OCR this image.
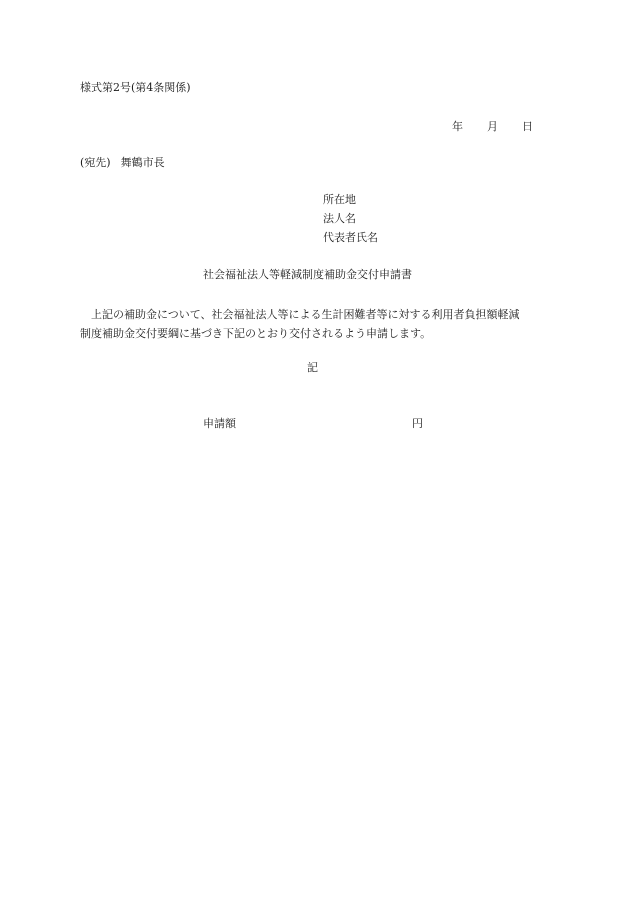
様式第2号(第4条関係)
年 月 日
(宛先) 舞鶴市長
所在地
法人名
代表者氏名
社会福祉法人等軽減制度補助金交付申請書
　上記の補助金について、社会福祉法人等による生計困難者等に対する利用者負担額軽減
制度補助金交付要綱に基づき下記のとおり交付されるよう申請します。
記
申請額	円
